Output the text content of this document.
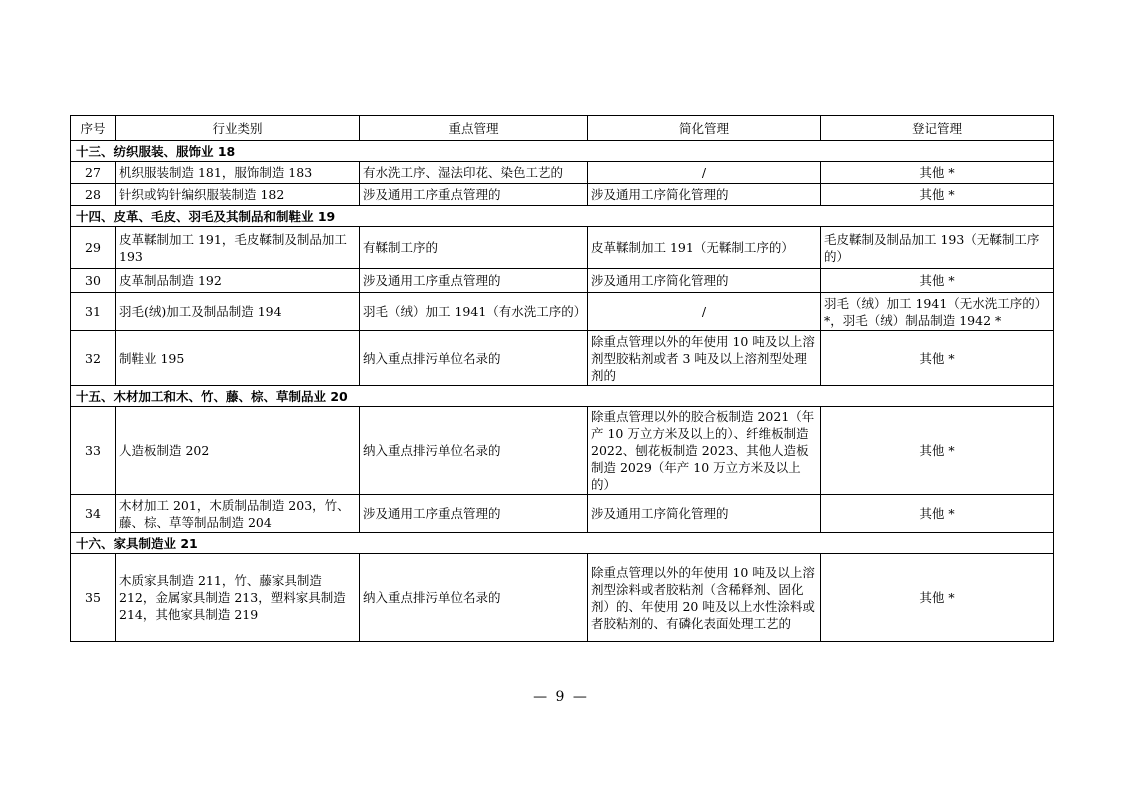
序号	行业类别	重点管理	简化管理	登记管理
十三、纺织服装、服饰业 18				
27	机织服装制造 181，服饰制造 183	有水洗工序、湿法印花、染色工艺的	/	其他 *
28	针织或钩针编织服装制造 182	涉及通用工序重点管理的	涉及通用工序简化管理的	其他 *
十四、皮革、毛皮、羽毛及其制品和制鞋业 19				
29	皮革鞣制加工 191，毛皮鞣制及制品加工 193	有鞣制工序的	皮革鞣制加工 191（无鞣制工序的）	毛皮鞣制及制品加工 193（无鞣制工序的）
30	皮革制品制造 192	涉及通用工序重点管理的	涉及通用工序简化管理的	其他 *
31	羽毛(绒)加工及制品制造 194	羽毛（绒）加工 1941（有水洗工序的）	/	羽毛（绒）加工 1941（无水洗工序的）*，羽毛（绒）制品制造 1942 *
32	制鞋业 195	纳入重点排污单位名录的	除重点管理以外的年使用 10 吨及以上溶剂型胶粘剂或者 3 吨及以上溶剂型处理剂的	其他 *
十五、木材加工和木、竹、藤、棕、草制品业 20				
33	人造板制造 202	纳入重点排污单位名录的	除重点管理以外的胶合板制造 2021（年产 10 万立方米及以上的）、纤维板制造 2022、刨花板制造 2023、其他人造板制造 2029（年产 10 万立方米及以上的）	其他 *
34	木材加工 201，木质制品制造 203，竹、藤、棕、草等制品制造 204	涉及通用工序重点管理的	涉及通用工序简化管理的	其他 *
十六、家具制造业 21				
35	木质家具制造 211，竹、藤家具制造 212，金属家具制造 213，塑料家具制造 214，其他家具制造 219	纳入重点排污单位名录的	除重点管理以外的年使用 10 吨及以上溶剂型涂料或者胶粘剂（含稀释剂、固化剂）的、年使用 20 吨及以上水性涂料或者胶粘剂的、有磷化表面处理工艺的	其他 *
— 9 —
